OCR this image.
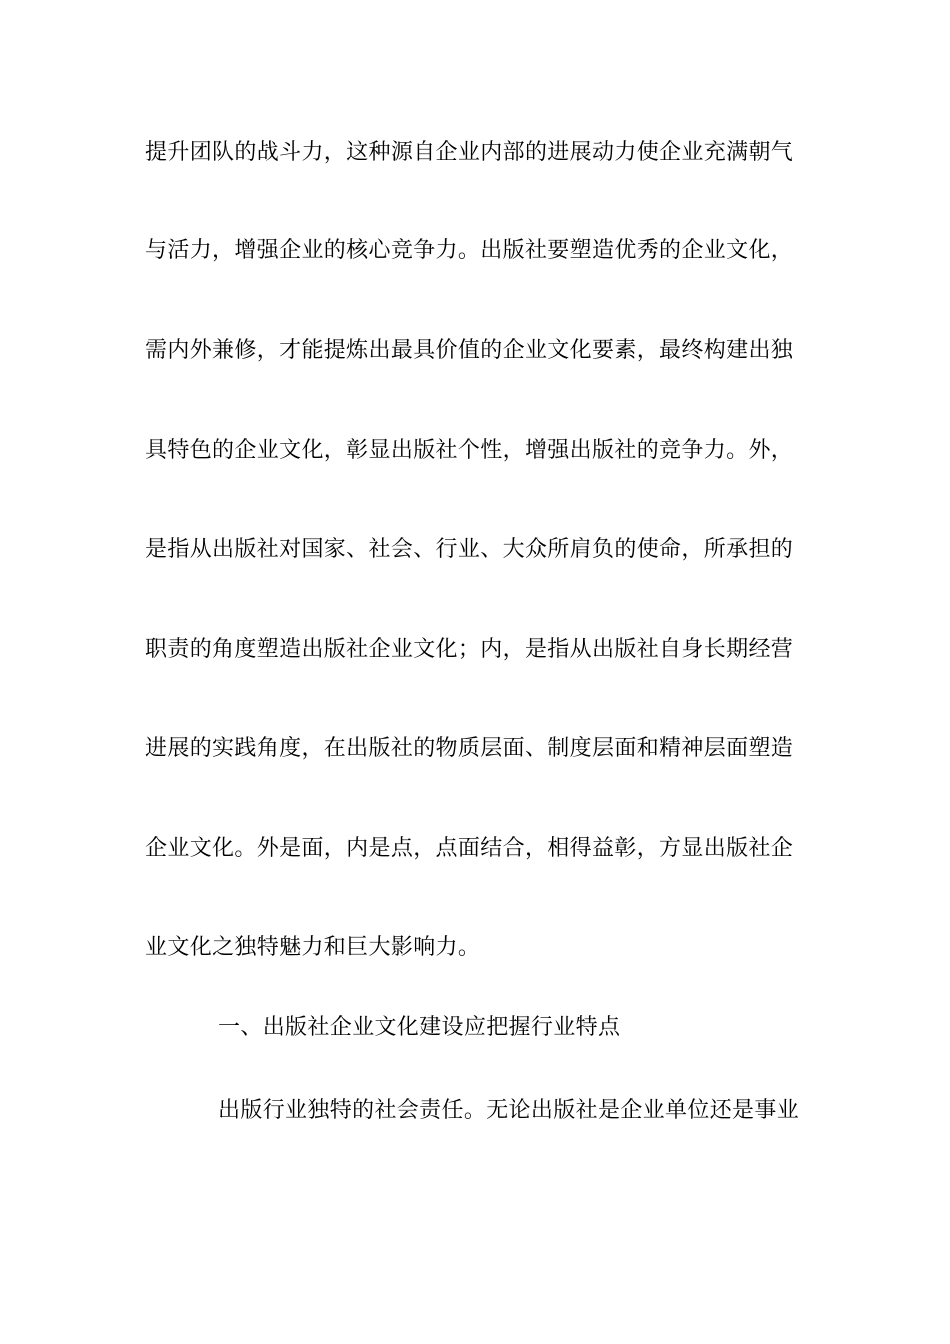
提升团队的战斗力，这种源自企业内部的进展动力使企业充满朝气
与活力，增强企业的核心竞争力。出版社要塑造优秀的企业文化，
需内外兼修，才能提炼出最具价值的企业文化要素，最终构建出独
具特色的企业文化，彰显出版社个性，增强出版社的竞争力。外，
是指从出版社对国家、社会、行业、大众所肩负的使命，所承担的
职责的角度塑造出版社企业文化；内，是指从出版社自身长期经营
进展的实践角度，在出版社的物质层面、制度层面和精神层面塑造
企业文化。外是面，内是点，点面结合，相得益彰，方显出版社企
业文化之独特魅力和巨大影响力。
一、出版社企业文化建设应把握行业特点
出版行业独特的社会责任。无论出版社是企业单位还是事业
